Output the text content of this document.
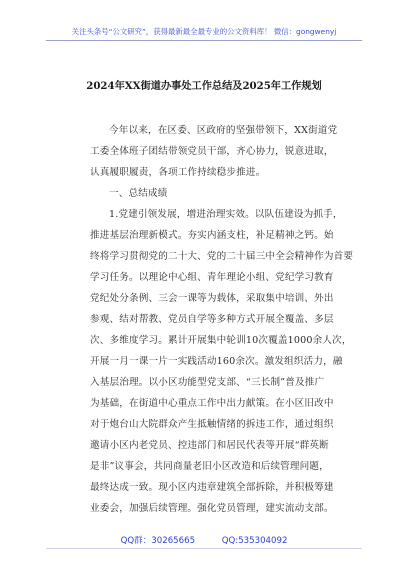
关注头条号“公文研究”，获得最新最全最专业的公文资料库！ 微信：gongwenyj
2024年XX街道办事处工作总结及2025年工作规划
今年以来，在区委、区政府的坚强带领下，XX街道党
工委全体班子团结带领党员干部，齐心协力，锐意进取，
认真履职履责，各项工作持续稳步推进。
一、总结成绩
1.党建引领发展，增进治理实效。以队伍建设为抓手，
推进基层治理新模式。夯实内涵支柱，补足精神之钙。始
终将学习贯彻党的二十大、党的二十届三中全会精神作为首要
学习任务。以理论中心组、青年理论小组、党纪学习教育
党纪处分条例、三会一课等为载体，采取集中培训、外出
参观、结对帮教、党员自学等多种方式开展全覆盖、多层
次、多维度学习。累计开展集中轮训10次覆盖1000余人次，
开展一月一课一片一实践活动160余次。激发组织活力，融
入基层治理。以小区功能型党支部、“三长制”普及推广
为基础，在街道中心重点工作中出力献策。在小区旧改中
对于炮台山大院群众产生抵触情绪的拆违工作，通过组织
邀请小区内老党员、控违部门和居民代表等开展“群英断
是非”议事会，共同商量老旧小区改造和后续管理问题，
最终达成一致。现小区内违章建筑全部拆除，并积极筹建
业委会，加强后续管理。强化党员管理，建实流动支部。
QQ群：30265665	QQ:535304092
